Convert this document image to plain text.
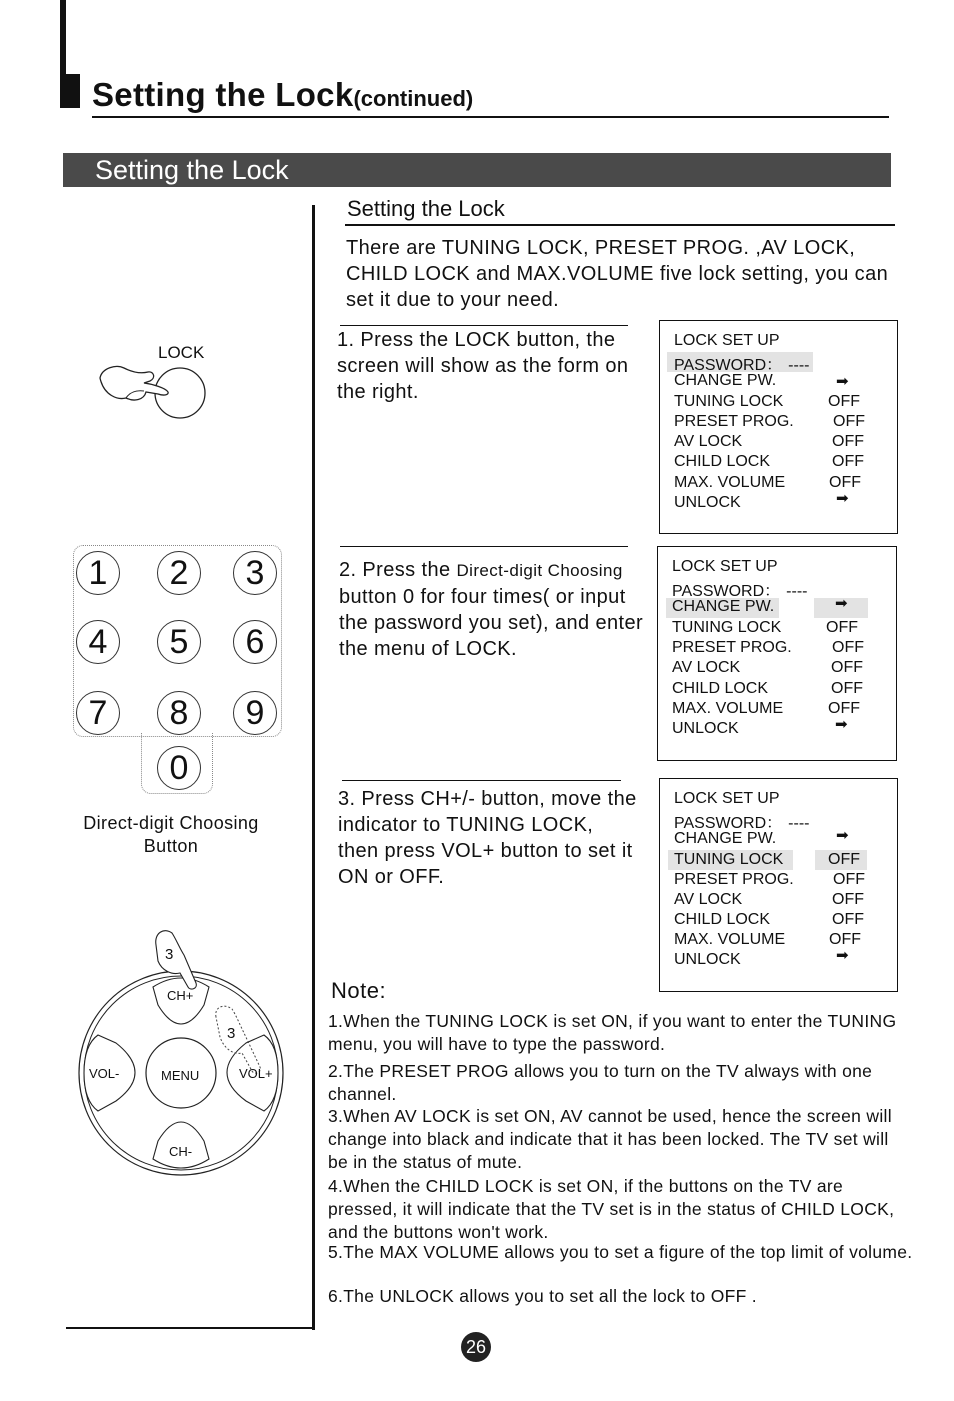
Setting the Lock(continued)
Setting the Lock
Setting the Lock
There are TUNING LOCK, PRESET PROG. ,AV LOCK, CHILD LOCK and MAX.VOLUME five lock setting, you can set it due to your need.
1. Press the LOCK button, the screen will show as the form on the right.
2. Press the Direct-digit Choosing button 0 for four times( or input the password you set), and enter the menu of LOCK.
3. Press CH+/- button, move the indicator to TUNING LOCK, then press VOL+ button to set it ON or OFF.
LOCK SET UP
PASSWORD： ----
CHANGE PW.	➡
TUNING LOCK	OFF
PRESET PROG. OFF
AV LOCK	OFF
CHILD LOCK	OFF
MAX. VOLUME	OFF
UNLOCK	➡
LOCK SET UP
PASSWORD： ----
CHANGE PW.	➡
TUNING LOCK	OFF
PRESET PROG.	OFF
AV LOCK	OFF
CHILD LOCK	OFF
MAX. VOLUME	OFF
UNLOCK	➡
LOCK SET UP
PASSWORD： ----
CHANGE PW.	➡
TUNING LOCK	OFF
PRESET PROG. OFF
AV LOCK	OFF
CHILD LOCK	OFF
MAX. VOLUME	OFF
UNLOCK	➡
LOCK
1	2	3
4	5	6
7	8	9
0
Direct-digit Choosing
Button
3
3
CH+
CH-
VOL-	VOL+
MENU
Note:
1.When the TUNING LOCK is set ON, if you want to enter the TUNING menu, you will have to type the password.
2.The PRESET PROG allows you to turn on the TV always with one channel.
3.When AV LOCK is set ON, AV cannot be used, hence the screen will change into black and indicate that it has been locked. The TV set will be in the status of mute.
4.When the CHILD LOCK is set ON, if the buttons on the TV are pressed, it will indicate that the TV set is in the status of CHILD LOCK, and the buttons won't work.
5.The MAX VOLUME allows you to set a figure of the top limit of volume.
6.The UNLOCK allows you to set all the lock to OFF .
26
